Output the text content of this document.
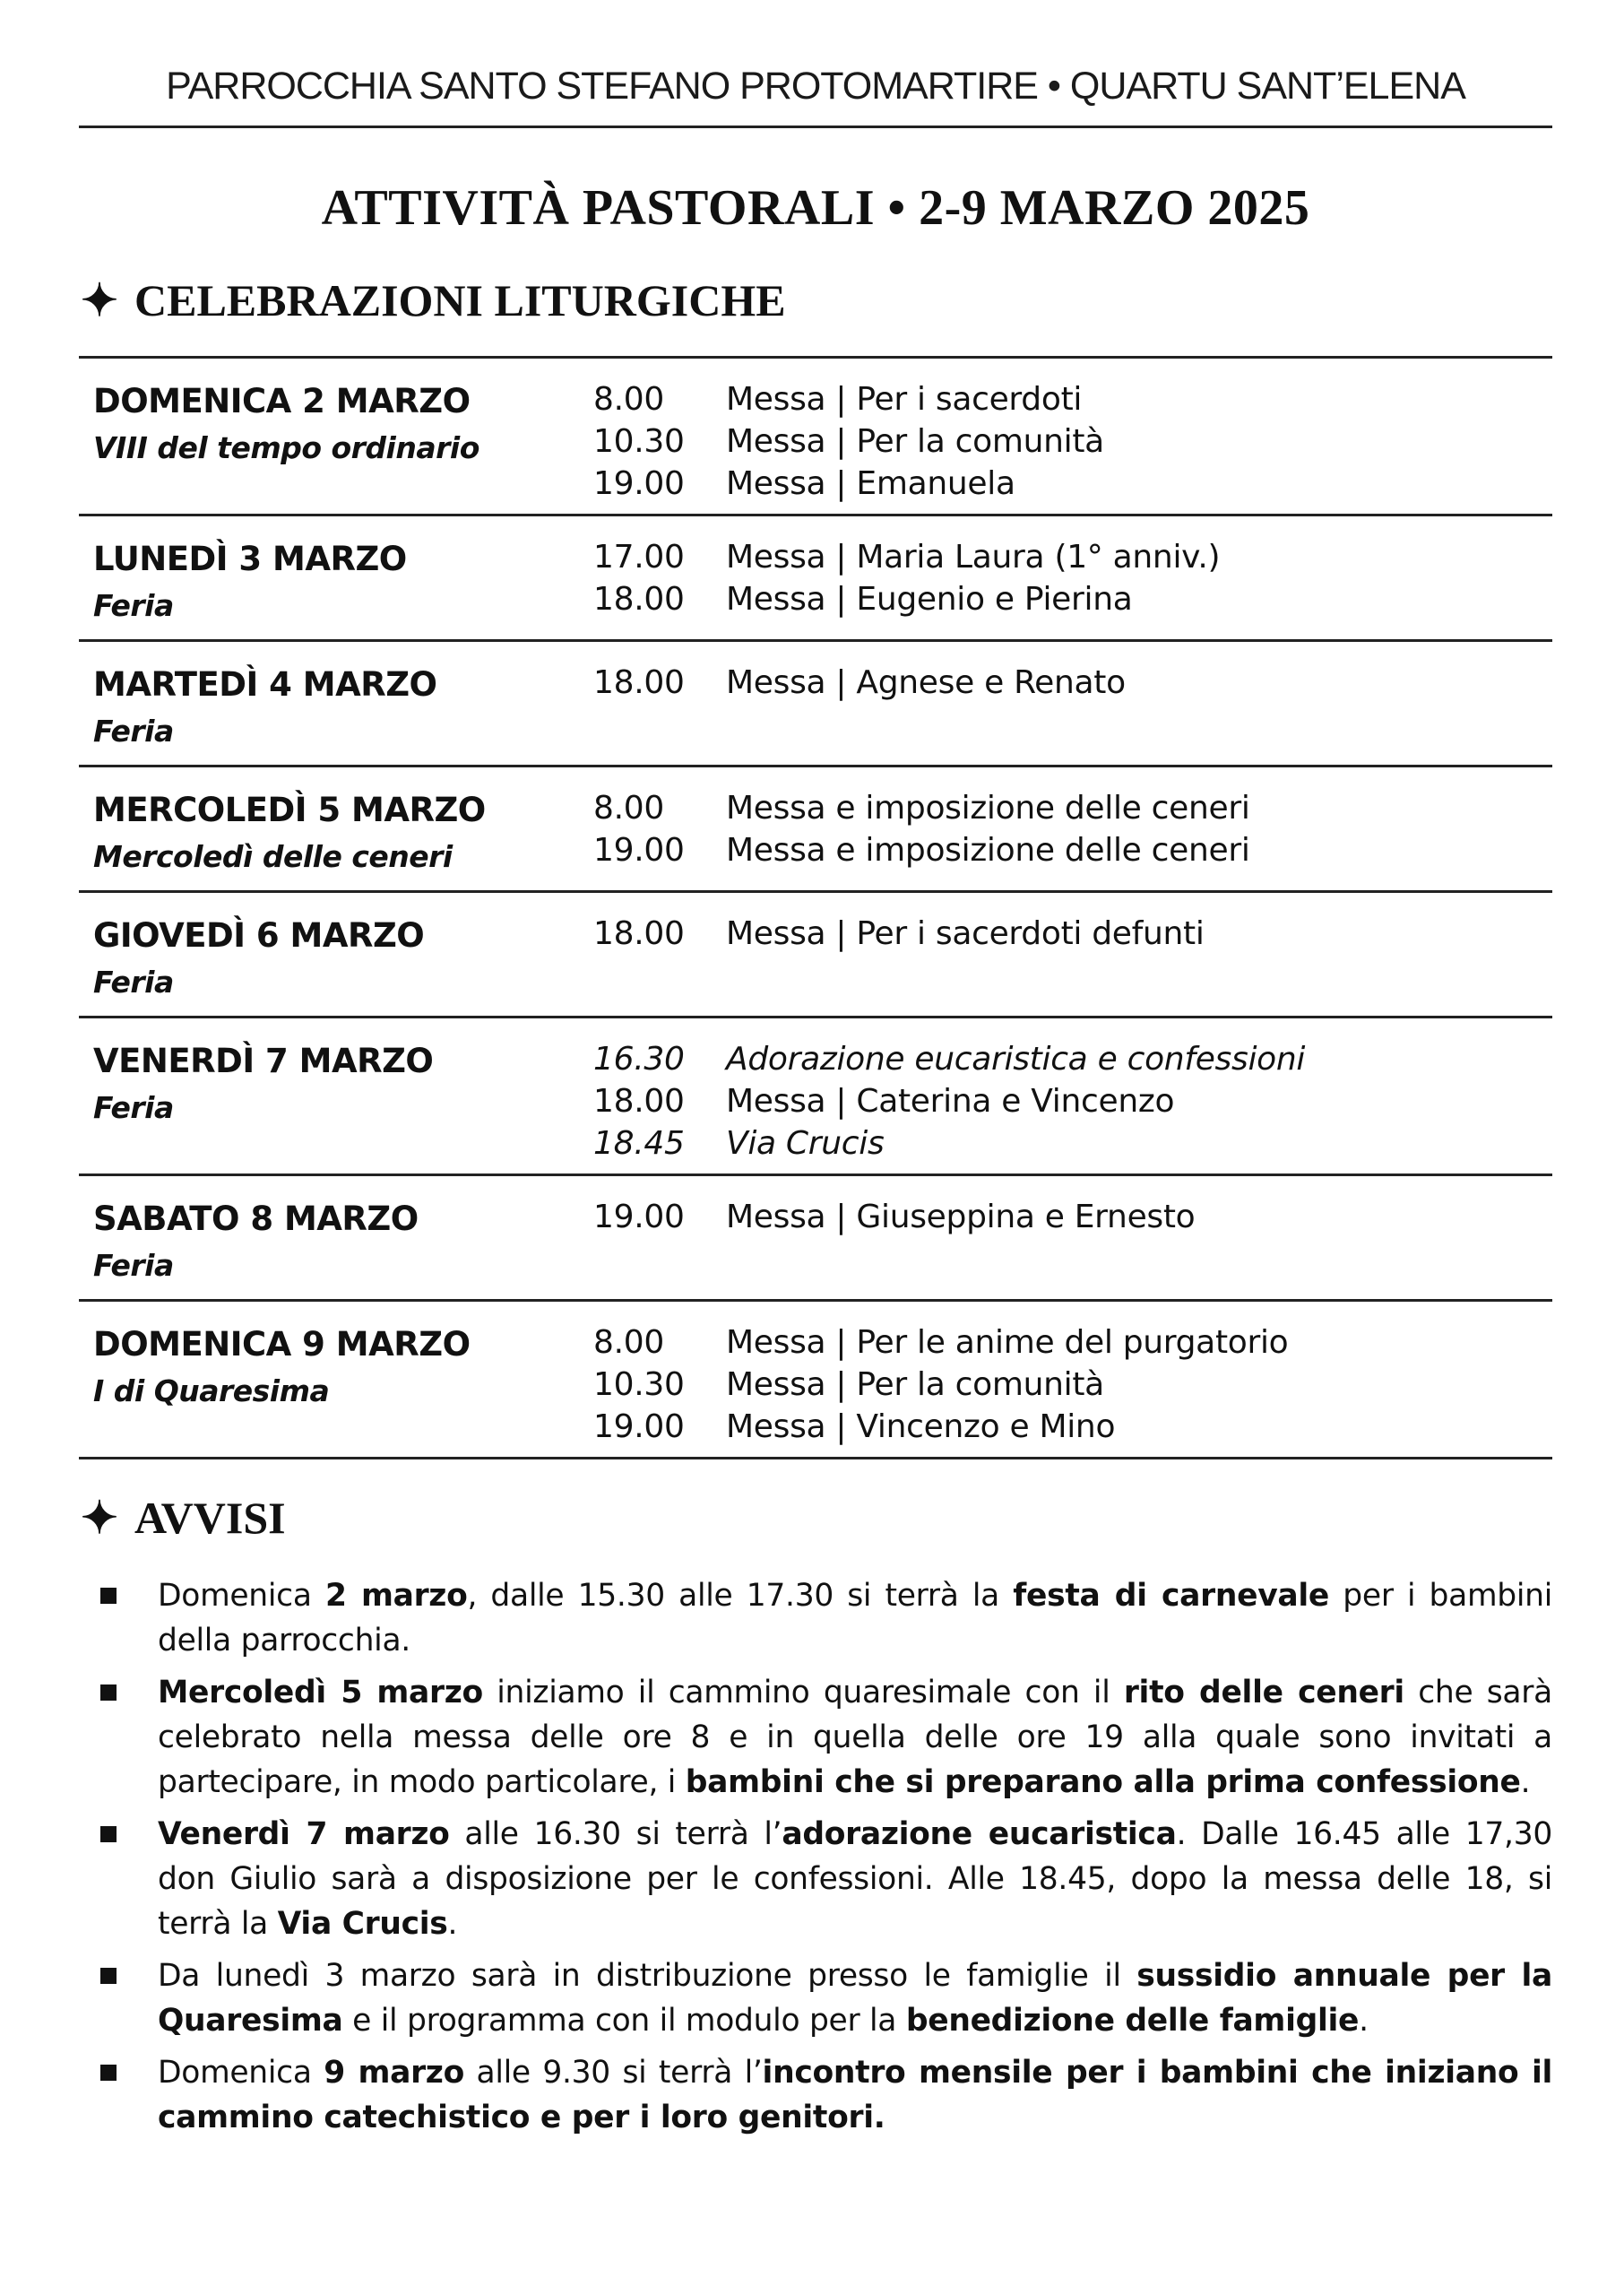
PARROCCHIA SANTO STEFANO PROTOMARTIRE • QUARTU SANT’ELENA
ATTIVITÀ PASTORALI • 2-9 MARZO 2025
✦ CELEBRAZIONI LITURGICHE
DOMENICA 2 MARZO
VIII del tempo ordinario
8.00	Messa | Per i sacerdoti
10.30	Messa | Per la comunità
19.00	Messa | Emanuela
LUNEDÌ 3 MARZO
Feria
17.00	Messa | Maria Laura (1° anniv.)
18.00	Messa | Eugenio e Pierina
MARTEDÌ 4 MARZO
Feria
18.00	Messa | Agnese e Renato
MERCOLEDÌ 5 MARZO
Mercoledì delle ceneri
8.00	Messa e imposizione delle ceneri
19.00	Messa e imposizione delle ceneri
GIOVEDÌ 6 MARZO
Feria
18.00	Messa | Per i sacerdoti defunti
VENERDÌ 7 MARZO
Feria
16.30	Adorazione eucaristica e confessioni
18.00	Messa | Caterina e Vincenzo
18.45	Via Crucis
SABATO 8 MARZO
Feria
19.00	Messa | Giuseppina e Ernesto
DOMENICA 9 MARZO
I di Quaresima
8.00	Messa | Per le anime del purgatorio
10.30	Messa | Per la comunità
19.00	Messa | Vincenzo e Mino
✦ AVVISI
Domenica 2 marzo, dalle 15.30 alle 17.30 si terrà la festa di carnevale per i bambini della parrocchia.
Mercoledì 5 marzo iniziamo il cammino quaresimale con il rito delle ceneri che sarà celebrato nella messa delle ore 8 e in quella delle ore 19 alla quale sono invitati a partecipare, in modo particolare, i bambini che si preparano alla prima confessione.
Venerdì 7 marzo alle 16.30 si terrà l’adorazione eucaristica. Dalle 16.45 alle 17,30 don Giulio sarà a disposizione per le confessioni. Alle 18.45, dopo la messa delle 18, si terrà la Via Crucis.
Da lunedì 3 marzo sarà in distribuzione presso le famiglie il sussidio annuale per la Quaresima e il programma con il modulo per la benedizione delle famiglie.
Domenica 9 marzo alle 9.30 si terrà l’incontro mensile per i bambini che iniziano il cammino catechistico e per i loro genitori.
